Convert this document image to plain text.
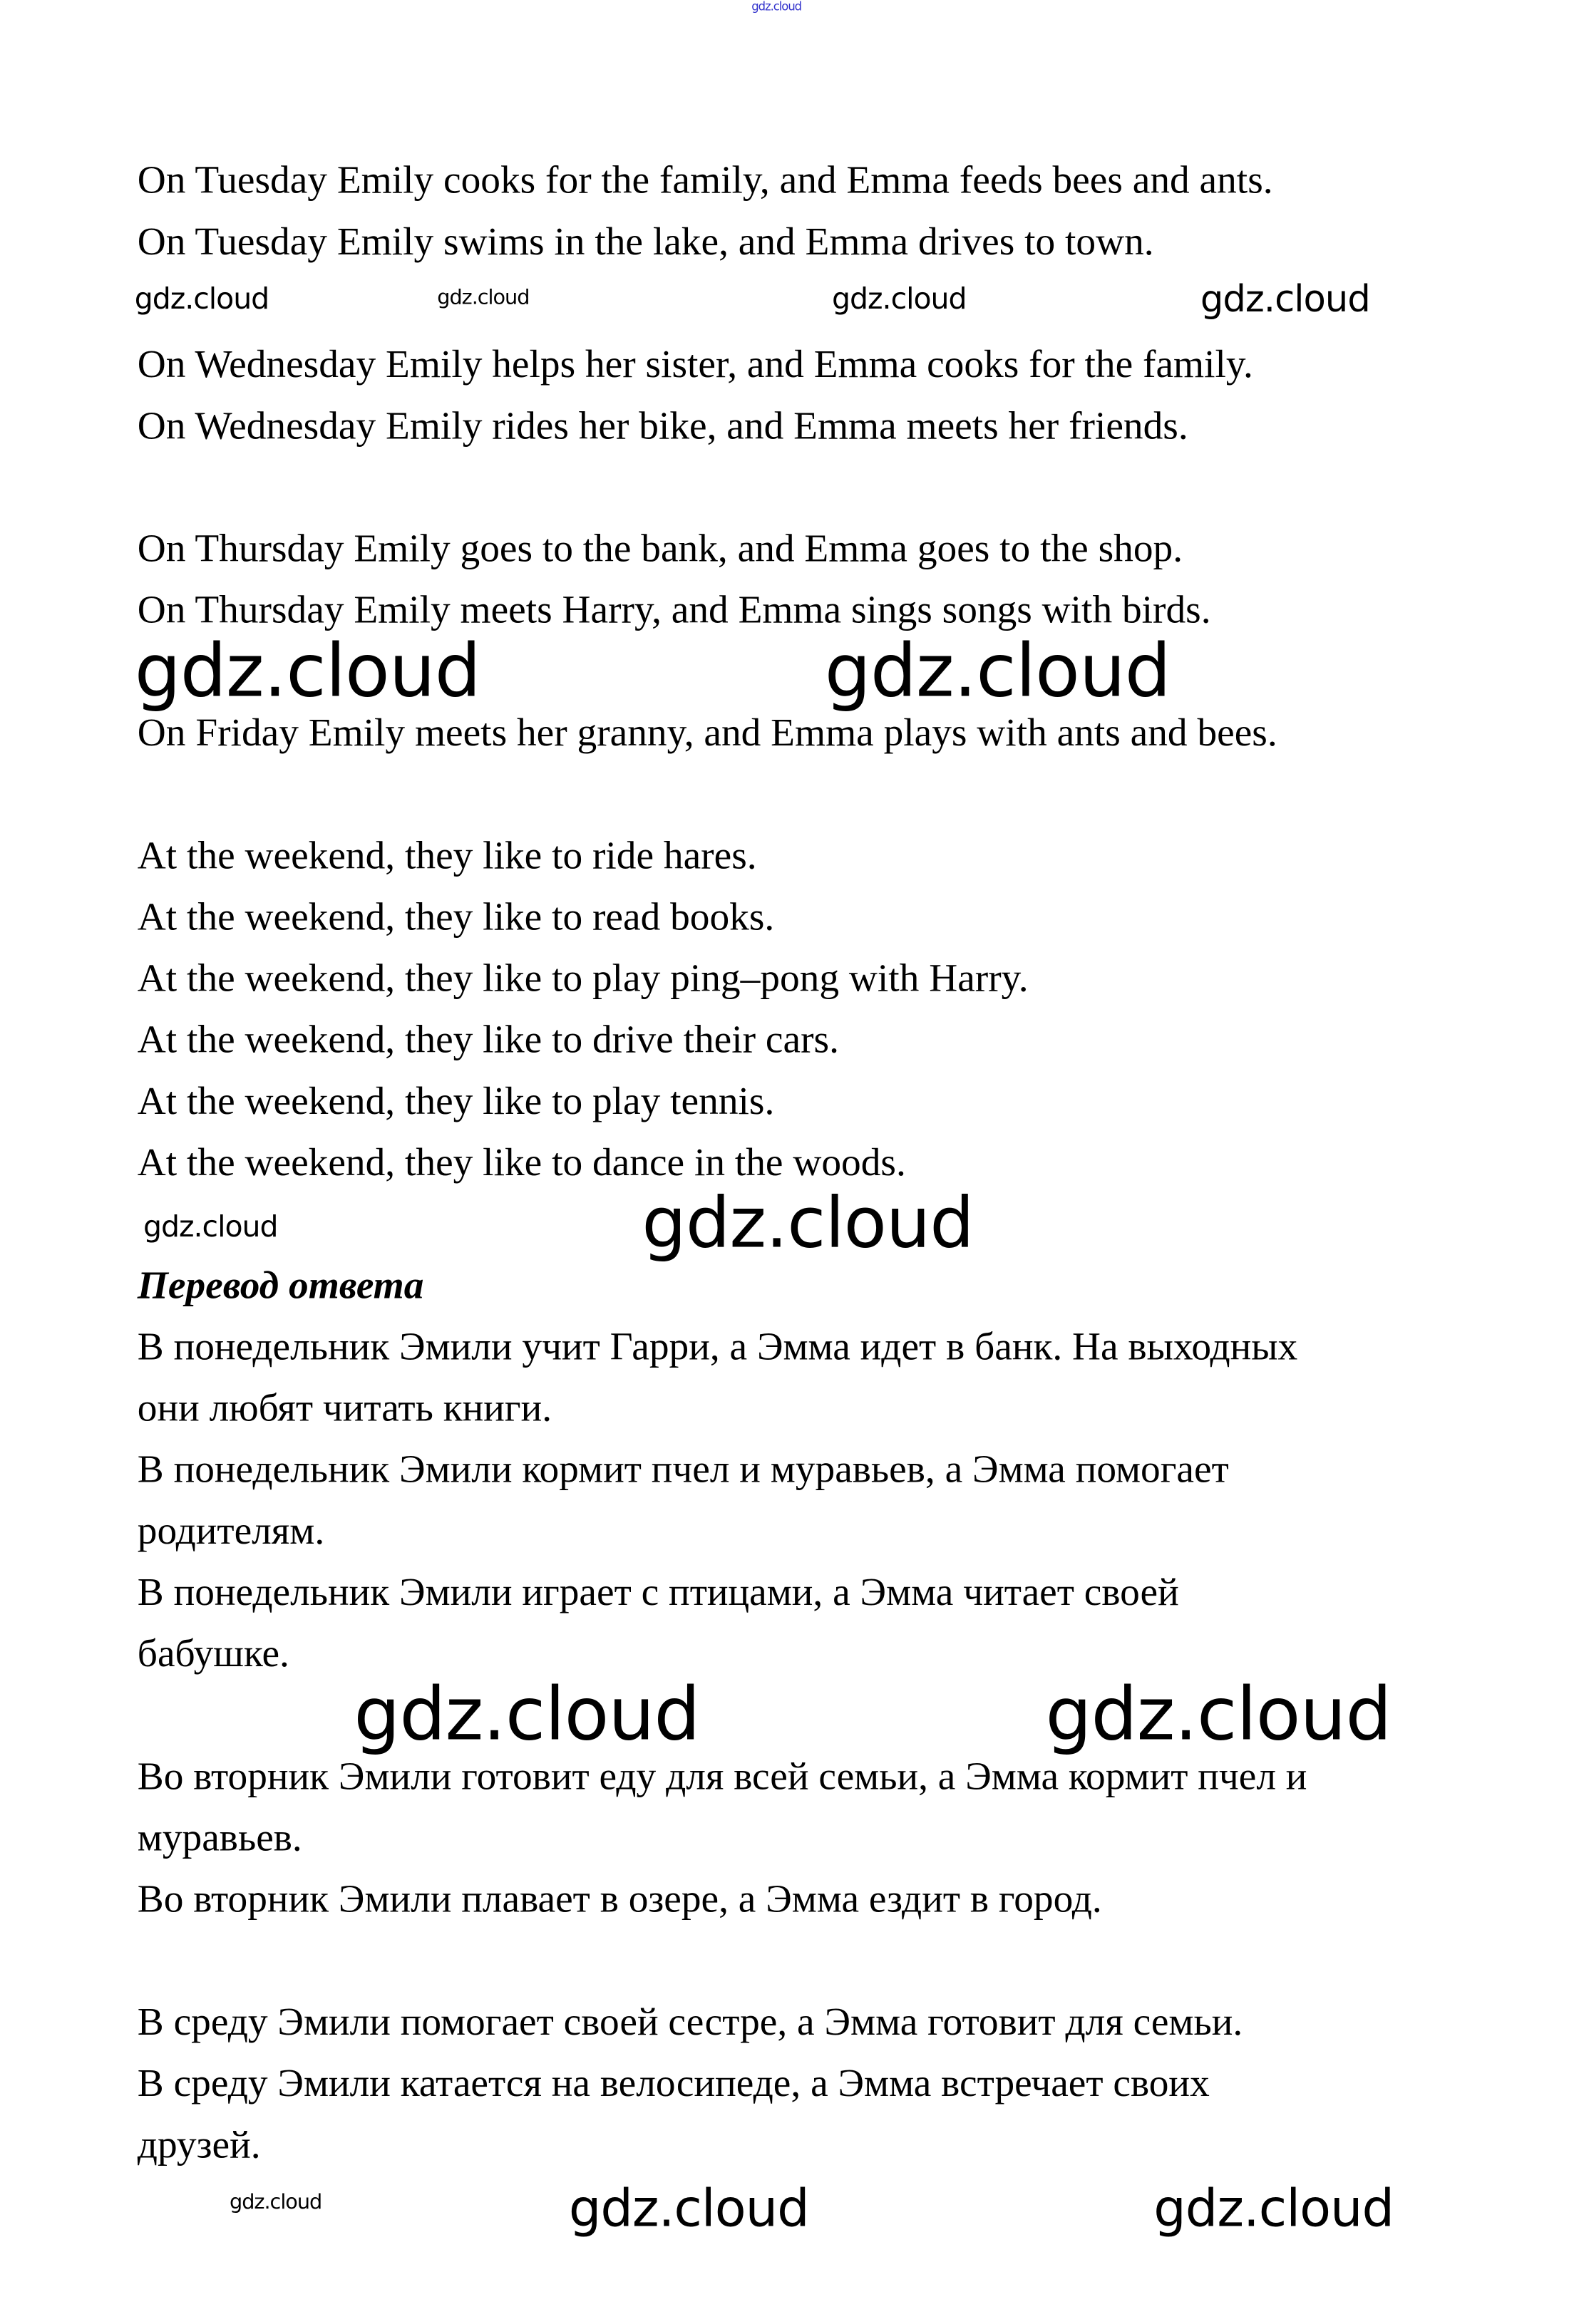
gdz.cloud
On Tuesday Emily cooks for the family, and Emma feeds bees and ants.
On Tuesday Emily swims in the lake, and Emma drives to town.
On Wednesday Emily helps her sister, and Emma cooks for the family.
On Wednesday Emily rides her bike, and Emma meets her friends.
On Thursday Emily goes to the bank, and Emma goes to the shop.
On Thursday Emily meets Harry, and Emma sings songs with birds.
On Friday Emily meets her granny, and Emma plays with ants and bees.
At the weekend, they like to ride hares.
At the weekend, they like to read books.
At the weekend, they like to play ping–pong with Harry.
At the weekend, they like to drive their cars.
At the weekend, they like to play tennis.
At the weekend, they like to dance in the woods.
Перевод ответа
В понедельник Эмили учит Гарри, а Эмма идет в банк. На выходных
они любят читать книги.
В понедельник Эмили кормит пчел и муравьев, а Эмма помогает
родителям.
В понедельник Эмили играет с птицами, а Эмма читает своей
бабушке.
Во вторник Эмили готовит еду для всей семьи, а Эмма кормит пчел и
муравьев.
Во вторник Эмили плавает в озере, а Эмма ездит в город.
В среду Эмили помогает своей сестре, а Эмма готовит для семьи.
В среду Эмили катается на велосипеде, а Эмма встречает своих
друзей.
gdz.cloud	gdz.cloud	gdz.cloud	gdz.cloud
gdz.cloud	gdz.cloud
gdz.cloud	gdz.cloud
gdz.cloud	gdz.cloud
gdz.cloud	gdz.cloud	gdz.cloud
